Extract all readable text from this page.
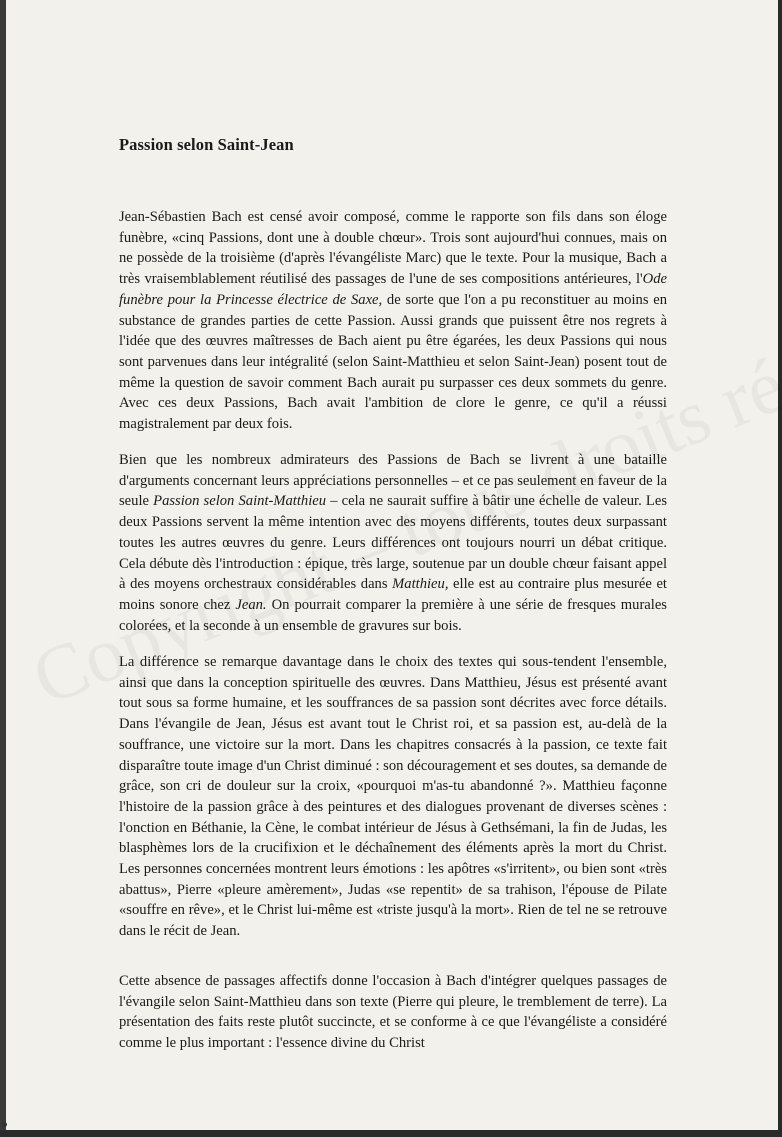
Passion selon Saint-Jean

Jean-Sébastien Bach est censé avoir composé, comme le rapporte son fils dans son éloge funèbre, «cinq Passions, dont une à double chœur». Trois sont aujourd'hui connues, mais on ne possède de la troisième (d'après l'évangéliste Marc) que le texte. Pour la musique, Bach a très vraisemblablement réutilisé des passages de l'une de ses compositions antérieures, l'Ode funèbre pour la Princesse électrice de Saxe, de sorte que l'on a pu reconstituer au moins en substance de grandes parties de cette Passion. Aussi grands que puissent être nos regrets à l'idée que des œuvres maîtresses de Bach aient pu être égarées, les deux Passions qui nous sont parvenues dans leur intégralité (selon Saint-Matthieu et selon Saint-Jean) posent tout de même la question de savoir comment Bach aurait pu surpasser ces deux sommets du genre. Avec ces deux Passions, Bach avait l'ambition de clore le genre, ce qu'il a réussi magistralement par deux fois.

Bien que les nombreux admirateurs des Passions de Bach se livrent à une bataille d'arguments concernant leurs appréciations personnelles – et ce pas seulement en faveur de la seule Passion selon Saint-Matthieu – cela ne saurait suffire à bâtir une échelle de valeur. Les deux Passions servent la même intention avec des moyens différents, toutes deux surpassant toutes les autres œuvres du genre. Leurs différences ont toujours nourri un débat critique. Cela débute dès l'introduction : épique, très large, soutenue par un double chœur faisant appel à des moyens orchestraux considérables dans Matthieu, elle est au contraire plus mesurée et moins sonore chez Jean. On pourrait comparer la première à une série de fresques murales colorées, et la seconde à un ensemble de gravures sur bois.

La différence se remarque davantage dans le choix des textes qui sous-tendent l'ensemble, ainsi que dans la conception spirituelle des œuvres. Dans Matthieu, Jésus est présenté avant tout sous sa forme humaine, et les souffrances de sa passion sont décrites avec force détails. Dans l'évangile de Jean, Jésus est avant tout le Christ roi, et sa passion est, au-delà de la souffrance, une victoire sur la mort. Dans les chapitres consacrés à la passion, ce texte fait disparaître toute image d'un Christ diminué : son découragement et ses doutes, sa demande de grâce, son cri de douleur sur la croix, «pourquoi m'as-tu abandonné ?». Matthieu façonne l'histoire de la passion grâce à des peintures et des dialogues provenant de diverses scènes : l'onction en Béthanie, la Cène, le combat intérieur de Jésus à Gethsémani, la fin de Judas, les blasphèmes lors de la crucifixion et le déchaînement des éléments après la mort du Christ. Les personnes concernées montrent leurs émotions : les apôtres «s'irritent», ou bien sont «très abattus», Pierre «pleure amèrement», Judas «se repentit» de sa trahison, l'épouse de Pilate «souffre en rêve», et le Christ lui-même est «triste jusqu'à la mort». Rien de tel ne se retrouve dans le récit de Jean.

Cette absence de passages affectifs donne l'occasion à Bach d'intégrer quelques passages de l'évangile selon Saint-Matthieu dans son texte (Pierre qui pleure, le tremblement de terre). La présentation des faits reste plutôt succincte, et se conforme à ce que l'évangéliste a considéré comme le plus important : l'essence divine du Christ
